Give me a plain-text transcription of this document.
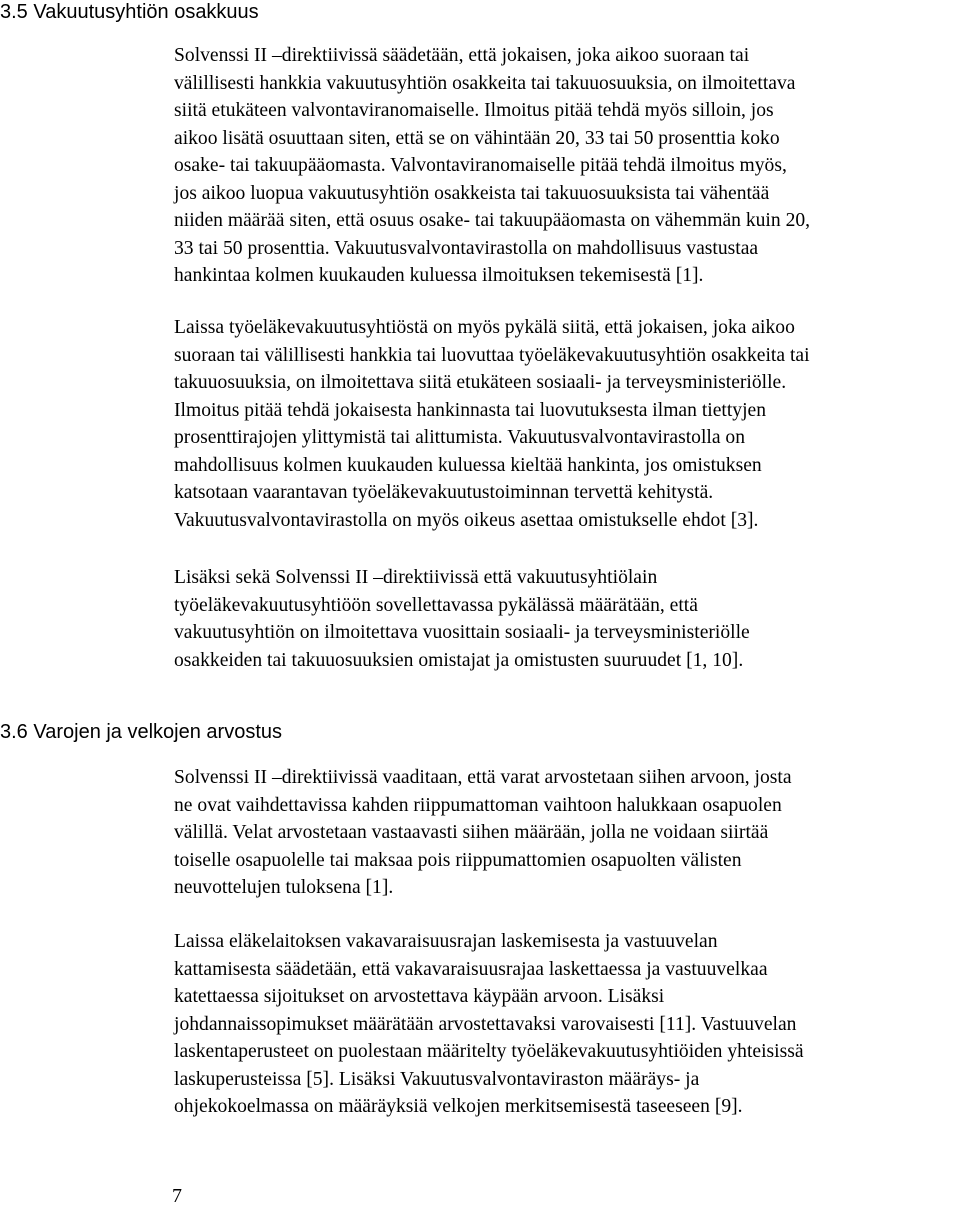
3.5 Vakuutusyhtiön osakkuus
Solvenssi II –direktiivissä säädetään, että jokaisen, joka aikoo suoraan tai
välillisesti hankkia vakuutusyhtiön osakkeita tai takuuosuuksia, on ilmoitettava
siitä etukäteen valvontaviranomaiselle. Ilmoitus pitää tehdä myös silloin, jos
aikoo lisätä osuuttaan siten, että se on vähintään 20, 33 tai 50 prosenttia koko
osake- tai takuupääomasta. Valvontaviranomaiselle pitää tehdä ilmoitus myös,
jos aikoo luopua vakuutusyhtiön osakkeista tai takuuosuuksista tai vähentää
niiden määrää siten, että osuus osake- tai takuupääomasta on vähemmän kuin 20,
33 tai 50 prosenttia. Vakuutusvalvontavirastolla on mahdollisuus vastustaa
hankintaa kolmen kuukauden kuluessa ilmoituksen tekemisestä [1].
Laissa työeläkevakuutusyhtiöstä on myös pykälä siitä, että jokaisen, joka aikoo
suoraan tai välillisesti hankkia tai luovuttaa työeläkevakuutusyhtiön osakkeita tai
takuuosuuksia, on ilmoitettava siitä etukäteen sosiaali- ja terveysministeriölle.
Ilmoitus pitää tehdä jokaisesta hankinnasta tai luovutuksesta ilman tiettyjen
prosenttirajojen ylittymistä tai alittumista. Vakuutusvalvontavirastolla on
mahdollisuus kolmen kuukauden kuluessa kieltää hankinta, jos omistuksen
katsotaan vaarantavan työeläkevakuutustoiminnan tervettä kehitystä.
Vakuutusvalvontavirastolla on myös oikeus asettaa omistukselle ehdot [3].
Lisäksi sekä Solvenssi II –direktiivissä että vakuutusyhtiölain
työeläkevakuutusyhtiöön sovellettavassa pykälässä määrätään, että
vakuutusyhtiön on ilmoitettava vuosittain sosiaali- ja terveysministeriölle
osakkeiden tai takuuosuuksien omistajat ja omistusten suuruudet [1, 10].
3.6 Varojen ja velkojen arvostus
Solvenssi II –direktiivissä vaaditaan, että varat arvostetaan siihen arvoon, josta
ne ovat vaihdettavissa kahden riippumattoman vaihtoon halukkaan osapuolen
välillä. Velat arvostetaan vastaavasti siihen määrään, jolla ne voidaan siirtää
toiselle osapuolelle tai maksaa pois riippumattomien osapuolten välisten
neuvottelujen tuloksena [1].
Laissa eläkelaitoksen vakavaraisuusrajan laskemisesta ja vastuuvelan
kattamisesta säädetään, että vakavaraisuusrajaa laskettaessa ja vastuuvelkaa
katettaessa sijoitukset on arvostettava käypään arvoon. Lisäksi
johdannaissopimukset määrätään arvostettavaksi varovaisesti [11]. Vastuuvelan
laskentaperusteet on puolestaan määritelty työeläkevakuutusyhtiöiden yhteisissä
laskuperusteissa [5]. Lisäksi Vakuutusvalvontaviraston määräys- ja
ohjekokoelmassa on määräyksiä velkojen merkitsemisestä taseeseen [9].
7
